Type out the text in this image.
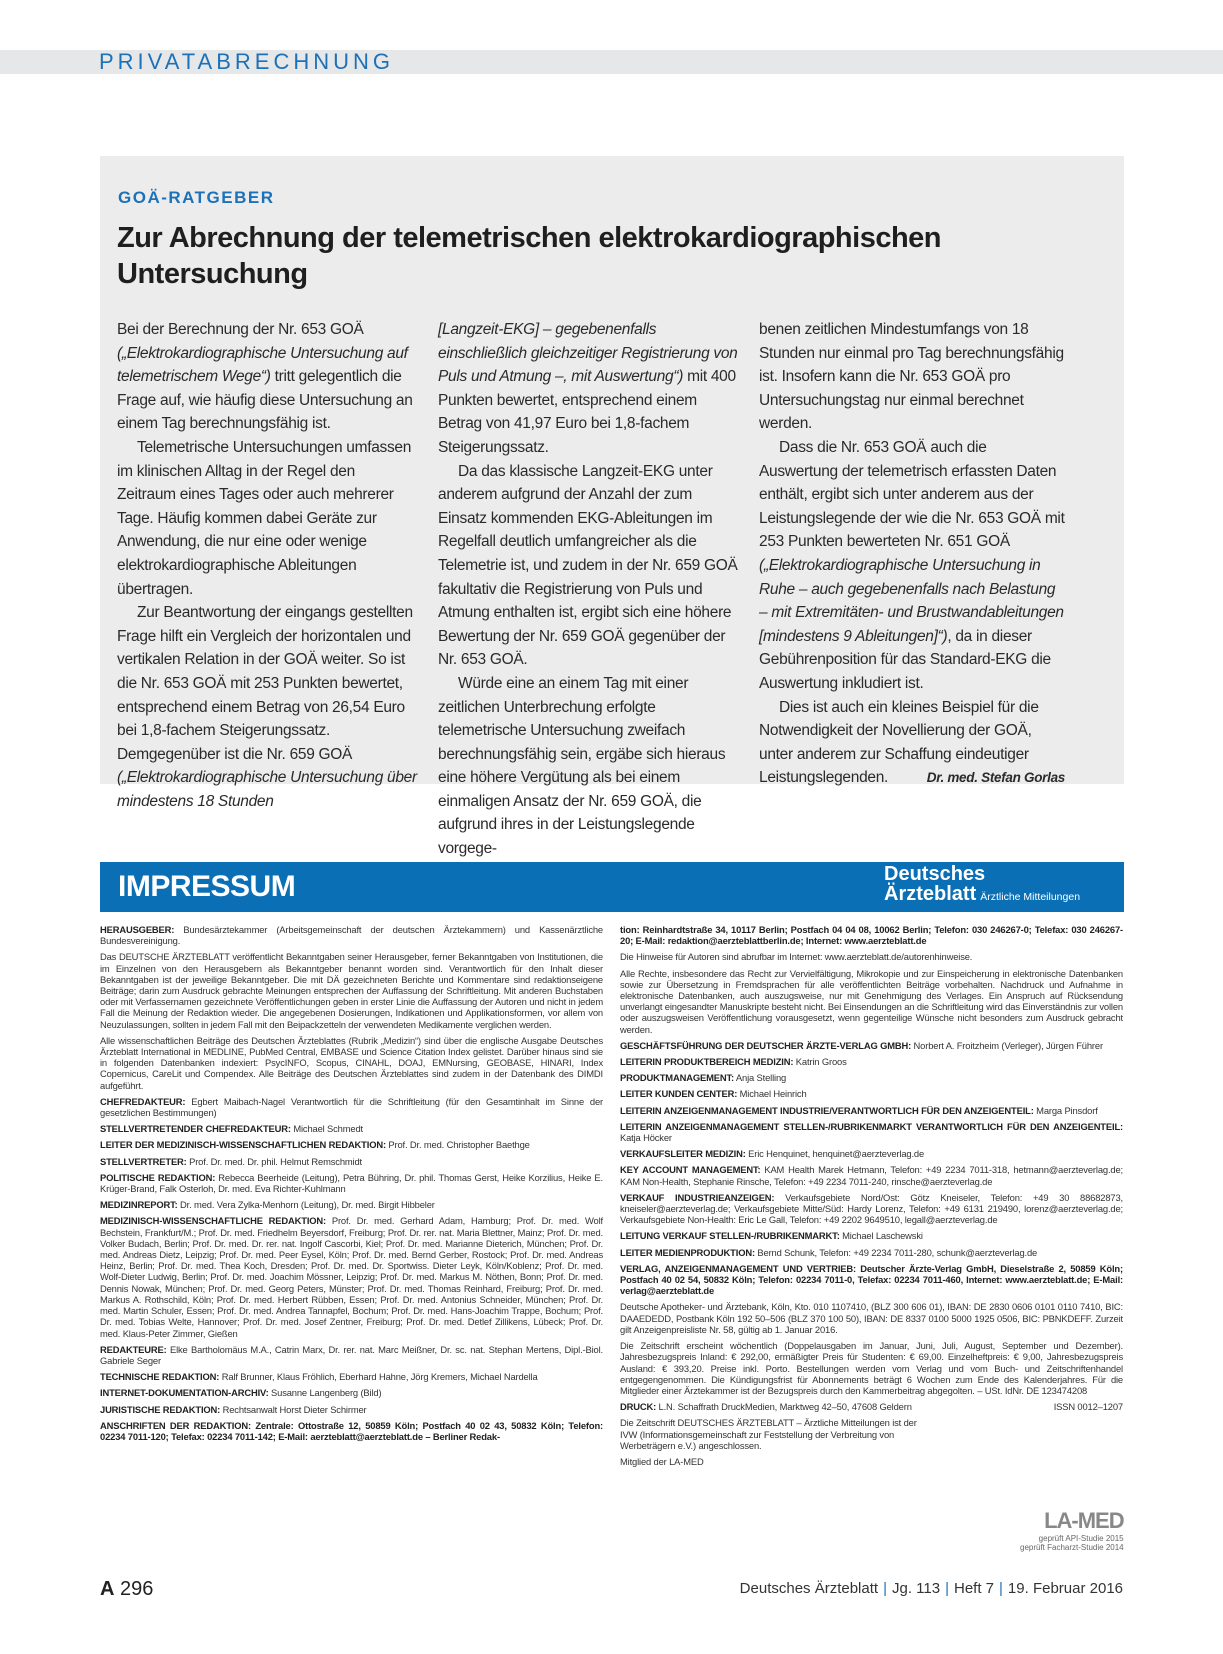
PRIVATABRECHNUNG
GOÄ-RATGEBER
Zur Abrechnung der telemetrischen elektrokardiographischen Untersuchung

Bei der Berechnung der Nr. 653 GOÄ („Elektrokardiographische Untersuchung auf telemetrischem Wege“) tritt gelegentlich die Frage auf, wie häufig diese Untersuchung an einem Tag berechnungsfähig ist.

Telemetrische Untersuchungen umfassen im klinischen Alltag in der Regel den Zeitraum eines Tages oder auch mehrerer Tage. Häufig kommen dabei Geräte zur Anwendung, die nur eine oder wenige elektrokardiographische Ableitungen übertragen.

Zur Beantwortung der eingangs gestellten Frage hilft ein Vergleich der horizontalen und vertikalen Relation in der GOÄ weiter. So ist die Nr. 653 GOÄ mit 253 Punkten bewertet, entsprechend einem Betrag von 26,54 Euro bei 1,8-fachem Steigerungssatz. Demgegenüber ist die Nr. 659 GOÄ („Elektrokardiographische Untersuchung über mindestens 18 Stunden

[Langzeit-EKG] – gegebenenfalls einschließlich gleichzeitiger Registrierung von Puls und Atmung –, mit Auswertung“) mit 400 Punkten bewertet, entsprechend einem Betrag von 41,97 Euro bei 1,8-fachem Steigerungssatz.

Da das klassische Langzeit-EKG unter anderem aufgrund der Anzahl der zum Einsatz kommenden EKG-Ableitungen im Regelfall deutlich umfangreicher als die Telemetrie ist, und zudem in der Nr. 659 GOÄ fakultativ die Registrierung von Puls und Atmung enthalten ist, ergibt sich eine höhere Bewertung der Nr. 659 GOÄ gegenüber der Nr. 653 GOÄ.

Würde eine an einem Tag mit einer zeitlichen Unterbrechung erfolgte telemetrische Untersuchung zweifach berechnungsfähig sein, ergäbe sich hieraus eine höhere Vergütung als bei einem einmaligen Ansatz der Nr. 659 GOÄ, die aufgrund ihres in der Leistungslegende vorgege-

benen zeitlichen Mindestumfangs von 18 Stunden nur einmal pro Tag berechnungsfähig ist. Insofern kann die Nr. 653 GOÄ pro Untersuchungstag nur einmal berechnet werden.

Dass die Nr. 653 GOÄ auch die Auswertung der telemetrisch erfassten Daten enthält, ergibt sich unter anderem aus der Leistungslegende der wie die Nr. 653 GOÄ mit 253 Punkten bewerteten Nr. 651 GOÄ („Elektrokardiographische Untersuchung in Ruhe – auch gegebenenfalls nach Belastung – mit Extremitäten- und Brustwandableitungen [mindestens 9 Ableitungen]“), da in dieser Gebührenposition für das Standard-EKG die Auswertung inkludiert ist.

Dies ist auch ein kleines Beispiel für die Notwendigkeit der Novellierung der GOÄ, unter anderem zur Schaffung eindeutiger Leistungslegenden.	Dr. med. Stefan Gorlas

IMPRESSUM	Deutsches
Ärzteblatt Ärztliche Mitteilungen

HERAUSGEBER: Bundesärztekammer (Arbeitsgemeinschaft der deutschen Ärztekammern) und Kassenärztliche Bundesvereinigung.

Das DEUTSCHE ÄRZTEBLATT veröffentlicht Bekanntgaben seiner Herausgeber, ferner Bekanntgaben von Institutionen, die im Einzelnen von den Herausgebern als Bekanntgeber benannt worden sind. Verantwortlich für den Inhalt dieser Bekanntgaben ist der jeweilige Bekanntgeber. Die mit DÄ gezeichneten Berichte und Kommentare sind redaktionseigene Beiträge; darin zum Ausdruck gebrachte Meinungen entsprechen der Auffassung der Schriftleitung. Mit anderen Buchstaben oder mit Verfassernamen gezeichnete Veröffentlichungen geben in erster Linie die Auffassung der Autoren und nicht in jedem Fall die Meinung der Redaktion wieder. Die angegebenen Dosierungen, Indikationen und Applikationsformen, vor allem von Neuzulassungen, sollten in jedem Fall mit den Beipackzetteln der verwendeten Medikamente verglichen werden.

Alle wissenschaftlichen Beiträge des Deutschen Ärzteblattes (Rubrik „Medizin“) sind über die englische Ausgabe Deutsches Ärzteblatt International in MEDLINE, PubMed Central, EMBASE und Science Citation Index gelistet. Darüber hinaus sind sie in folgenden Datenbanken indexiert: PsycINFO, Scopus, CINAHL, DOAJ, EMNursing, GEOBASE, HINARI, Index Copernicus, CareLit und Compendex. Alle Beiträge des Deutschen Ärzteblattes sind zudem in der Datenbank des DIMDI aufgeführt.

CHEFREDAKTEUR: Egbert Maibach-Nagel Verantwortlich für die Schriftleitung (für den Gesamtinhalt im Sinne der gesetzlichen Bestimmungen)

STELLVERTRETENDER CHEFREDAKTEUR: Michael Schmedt

LEITER DER MEDIZINISCH-WISSENSCHAFTLICHEN REDAKTION: Prof. Dr. med. Christopher Baethge

STELLVERTRETER: Prof. Dr. med. Dr. phil. Helmut Remschmidt

POLITISCHE REDAKTION: Rebecca Beerheide (Leitung), Petra Bühring, Dr. phil. Thomas Gerst, Heike Korzilius, Heike E. Krüger-Brand, Falk Osterloh, Dr. med. Eva Richter-Kuhlmann

MEDIZINREPORT: Dr. med. Vera Zylka-Menhorn (Leitung), Dr. med. Birgit Hibbeler

MEDIZINISCH-WISSENSCHAFTLICHE REDAKTION: Prof. Dr. med. Gerhard Adam, Hamburg; Prof. Dr. med. Wolf Bechstein, Frankfurt/M.; Prof. Dr. med. Friedhelm Beyersdorf, Freiburg; Prof. Dr. rer. nat. Maria Blettner, Mainz; Prof. Dr. med. Volker Budach, Berlin; Prof. Dr. med. Dr. rer. nat. Ingolf Cascorbi, Kiel; Prof. Dr. med. Marianne Dieterich, München; Prof. Dr. med. Andreas Dietz, Leipzig; Prof. Dr. med. Peer Eysel, Köln; Prof. Dr. med. Bernd Gerber, Rostock; Prof. Dr. med. Andreas Heinz, Berlin; Prof. Dr. med. Thea Koch, Dresden; Prof. Dr. med. Dr. Sportwiss. Dieter Leyk, Köln/Koblenz; Prof. Dr. med. Wolf-Dieter Ludwig, Berlin; Prof. Dr. med. Joachim Mössner, Leipzig; Prof. Dr. med. Markus M. Nöthen, Bonn; Prof. Dr. med. Dennis Nowak, München; Prof. Dr. med. Georg Peters, Münster; Prof. Dr. med. Thomas Reinhard, Freiburg; Prof. Dr. med. Markus A. Rothschild, Köln; Prof. Dr. med. Herbert Rübben, Essen; Prof. Dr. med. Antonius Schneider, München; Prof. Dr. med. Martin Schuler, Essen; Prof. Dr. med. Andrea Tannapfel, Bochum; Prof. Dr. med. Hans-Joachim Trappe, Bochum; Prof. Dr. med. Tobias Welte, Hannover; Prof. Dr. med. Josef Zentner, Freiburg; Prof. Dr. med. Detlef Zillikens, Lübeck; Prof. Dr. med. Klaus-Peter Zimmer, Gießen

REDAKTEURE: Elke Bartholomäus M.A., Catrin Marx, Dr. rer. nat. Marc Meißner, Dr. sc. nat. Stephan Mertens, Dipl.-Biol. Gabriele Seger

TECHNISCHE REDAKTION: Ralf Brunner, Klaus Fröhlich, Eberhard Hahne, Jörg Kremers, Michael Nardella

INTERNET-DOKUMENTATION-ARCHIV: Susanne Langenberg (Bild)

JURISTISCHE REDAKTION: Rechtsanwalt Horst Dieter Schirmer

ANSCHRIFTEN DER REDAKTION: Zentrale: Ottostraße 12, 50859 Köln; Postfach 40 02 43, 50832 Köln; Telefon: 02234 7011-120; Telefax: 02234 7011-142; E-Mail: aerzteblatt@aerzteblatt.de – Berliner Redak-

tion: Reinhardtstraße 34, 10117 Berlin; Postfach 04 04 08, 10062 Berlin; Telefon: 030 246267-0; Telefax: 030 246267-20; E-Mail: redaktion@aerzteblattberlin.de; Internet: www.aerzteblatt.de

Die Hinweise für Autoren sind abrufbar im Internet: www.aerzteblatt.de/autorenhinweise.

Alle Rechte, insbesondere das Recht zur Vervielfältigung, Mikrokopie und zur Einspeicherung in elektronische Datenbanken sowie zur Übersetzung in Fremdsprachen für alle veröffentlichten Beiträge vorbehalten. Nachdruck und Aufnahme in elektronische Datenbanken, auch auszugsweise, nur mit Genehmigung des Verlages. Ein Anspruch auf Rücksendung unverlangt eingesandter Manuskripte besteht nicht. Bei Einsendungen an die Schriftleitung wird das Einverständnis zur vollen oder auszugsweisen Veröffentlichung vorausgesetzt, wenn gegenteilige Wünsche nicht besonders zum Ausdruck gebracht werden.

GESCHÄFTSFÜHRUNG DER DEUTSCHER ÄRZTE-VERLAG GMBH: Norbert A. Froitzheim (Verleger), Jürgen Führer

LEITERIN PRODUKTBEREICH MEDIZIN: Katrin Groos

PRODUKTMANAGEMENT: Anja Stelling

LEITER KUNDEN CENTER: Michael Heinrich

LEITERIN ANZEIGENMANAGEMENT INDUSTRIE/VERANTWORTLICH FÜR DEN ANZEIGENTEIL: Marga Pinsdorf

LEITERIN ANZEIGENMANAGEMENT STELLEN-/RUBRIKENMARKT VERANTWORTLICH FÜR DEN ANZEIGENTEIL: Katja Höcker

VERKAUFSLEITER MEDIZIN: Eric Henquinet, henquinet@aerzteverlag.de

KEY ACCOUNT MANAGEMENT: KAM Health Marek Hetmann, Telefon: +49 2234 7011-318, hetmann@aerzteverlag.de; KAM Non-Health, Stephanie Rinsche, Telefon: +49 2234 7011-240, rinsche@aerzteverlag.de

VERKAUF INDUSTRIEANZEIGEN: Verkaufsgebiete Nord/Ost: Götz Kneiseler, Telefon: +49 30 88682873, kneiseler@aerzteverlag.de; Verkaufsgebiete Mitte/Süd: Hardy Lorenz, Telefon: +49 6131 219490, lorenz@aerzteverlag.de; Verkaufsgebiete Non-Health: Eric Le Gall, Telefon: +49 2202 9649510, legall@aerzteverlag.de

LEITUNG VERKAUF STELLEN-/RUBRIKENMARKT: Michael Laschewski

LEITER MEDIENPRODUKTION: Bernd Schunk, Telefon: +49 2234 7011-280, schunk@aerzteverlag.de

VERLAG, ANZEIGENMANAGEMENT UND VERTRIEB: Deutscher Ärzte-Verlag GmbH, Dieselstraße 2, 50859 Köln; Postfach 40 02 54, 50832 Köln; Telefon: 02234 7011-0, Telefax: 02234 7011-460, Internet: www.aerzteblatt.de; E-Mail: verlag@aerzteblatt.de

Deutsche Apotheker- und Ärztebank, Köln, Kto. 010 1107410, (BLZ 300 606 01), IBAN: DE 2830 0606 0101 0110 7410, BIC: DAAEDEDD, Postbank Köln 192 50–506 (BLZ 370 100 50), IBAN: DE 8337 0100 5000 1925 0506, BIC: PBNKDEFF. Zurzeit gilt Anzeigenpreisliste Nr. 58, gültig ab 1. Januar 2016.

Die Zeitschrift erscheint wöchentlich (Doppelausgaben im Januar, Juni, Juli, August, September und Dezember). Jahresbezugspreis Inland: € 292,00, ermäßigter Preis für Studenten: € 69,00. Einzelheftpreis: € 9,00, Jahresbezugspreis Ausland: € 393,20. Preise inkl. Porto. Bestellungen werden vom Verlag und vom Buch- und Zeitschriftenhandel entgegengenommen. Die Kündigungsfrist für Abonnements beträgt 6 Wochen zum Ende des Kalenderjahres. Für die Mitglieder einer Ärztekammer ist der Bezugspreis durch den Kammerbeitrag abgegolten. – USt. IdNr. DE 123474208

DRUCK: L.N. Schaffrath DruckMedien, Marktweg 42–50, 47608 Geldern	ISSN 0012–1207

Die Zeitschrift DEUTSCHES ÄRZTEBLATT – Ärztliche Mitteilungen ist der IVW (Informationsgemeinschaft zur Feststellung der Verbreitung von Werbeträgern e.V.) angeschlossen.

Mitglied der LA-MED

LA-MED
geprüft API-Studie 2015
geprüft Facharzt-Studie 2014
A 296	Deutsches Ärzteblatt | Jg. 113 | Heft 7 | 19. Februar 2016
